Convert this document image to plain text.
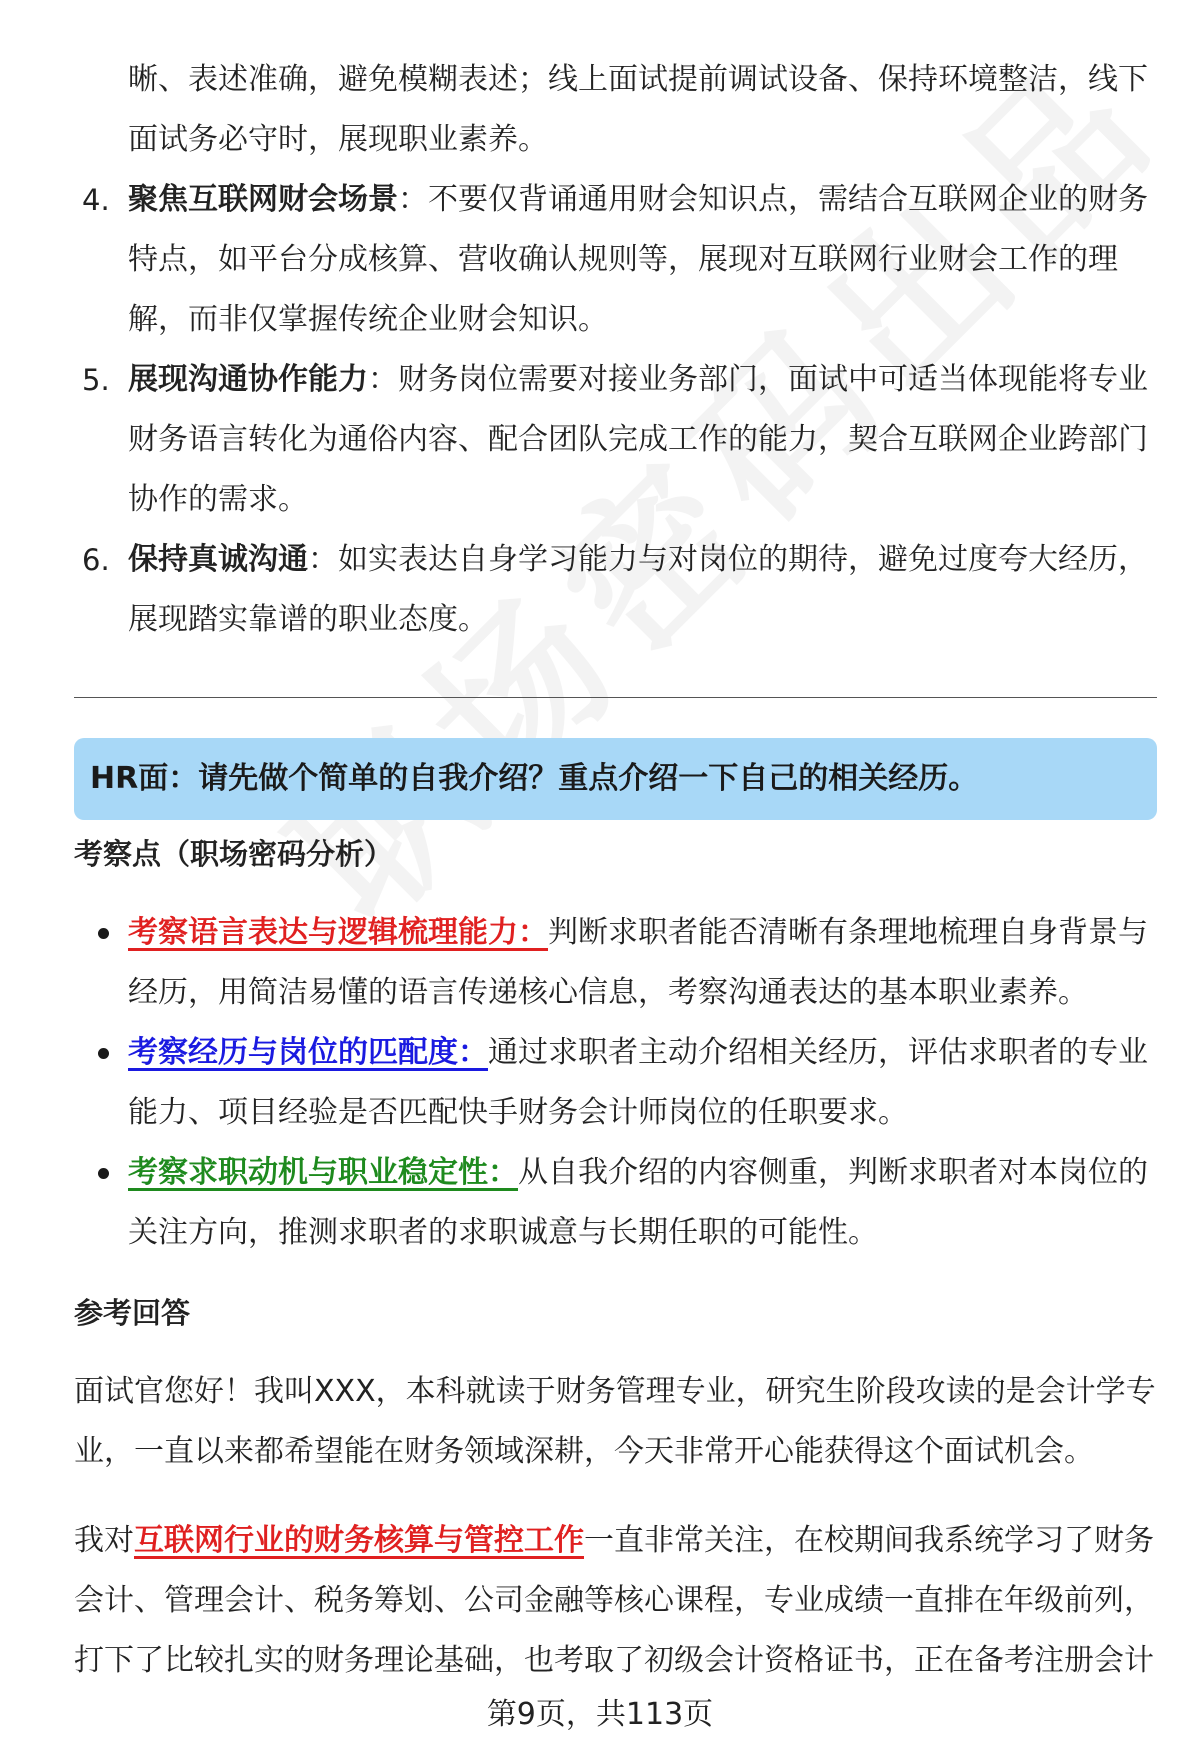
晰、表述准确，避免模糊表述；线上面试提前调试设备、保持环境整洁，线下
面试务必守时，展现职业素养。
4. 聚焦互联网财会场景：不要仅背诵通用财会知识点，需结合互联网企业的财务
特点，如平台分成核算、营收确认规则等，展现对互联网行业财会工作的理
解，而非仅掌握传统企业财会知识。
5. 展现沟通协作能力：财务岗位需要对接业务部门，面试中可适当体现能将专业
财务语言转化为通俗内容、配合团队完成工作的能力，契合互联网企业跨部门
协作的需求。
6. 保持真诚沟通：如实表达自身学习能力与对岗位的期待，避免过度夸大经历，
展现踏实靠谱的职业态度。
HR面：请先做个简单的自我介绍？重点介绍一下自己的相关经历。
考察点（职场密码分析）
考察语言表达与逻辑梳理能力：判断求职者能否清晰有条理地梳理自身背景与
经历，用简洁易懂的语言传递核心信息，考察沟通表达的基本职业素养。
考察经历与岗位的匹配度：通过求职者主动介绍相关经历，评估求职者的专业
能力、项目经验是否匹配快手财务会计师岗位的任职要求。
考察求职动机与职业稳定性：从自我介绍的内容侧重，判断求职者对本岗位的
关注方向，推测求职者的求职诚意与长期任职的可能性。
参考回答
面试官您好！我叫XXX，本科就读于财务管理专业，研究生阶段攻读的是会计学专
业，一直以来都希望能在财务领域深耕，今天非常开心能获得这个面试机会。
我对互联网行业的财务核算与管控工作一直非常关注，在校期间我系统学习了财务
会计、管理会计、税务筹划、公司金融等核心课程，专业成绩一直排在年级前列，
打下了比较扎实的财务理论基础，也考取了初级会计资格证书，正在备考注册会计
第9页，共113页
